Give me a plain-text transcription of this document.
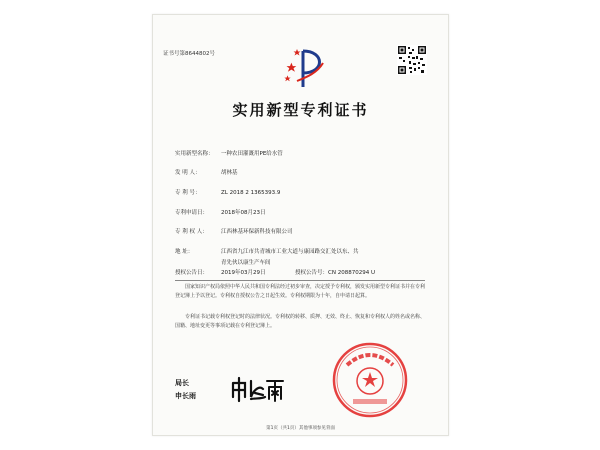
证书号第8644802号
实用新型专利证书
实用新型名称： 一种农田灌溉用PE给水管
发 明 人：	胡林基
专 利 号：	ZL 2018 2 1365393.9
专利申请日： 2018年08月23日
专 利 权 人： 江西林基环保新科技有限公司
地 址：	江西省九江市共青城市工业大道与康园路交汇处以东、共
青先伙以康生产车间
授权公告日： 2019年03月29日	授权公告号：CN 208870294 U
国家知识产权局依照中华人民共和国专利法经过初步审查，决定授予专利权，颁发实用新型专利证书并在专利登记簿上予以登记。专利权自授权公告之日起生效。专利权期限为十年，自申请日起算。
专利证书记载专利权登记时的法律状况。专利权的转移、质押、无效、终止、恢复和专利权人的姓名或名称、国籍、地址变更等事项记载在专利登记簿上。
局长
申长雨
第1页（共1页）其他事项参见背面
